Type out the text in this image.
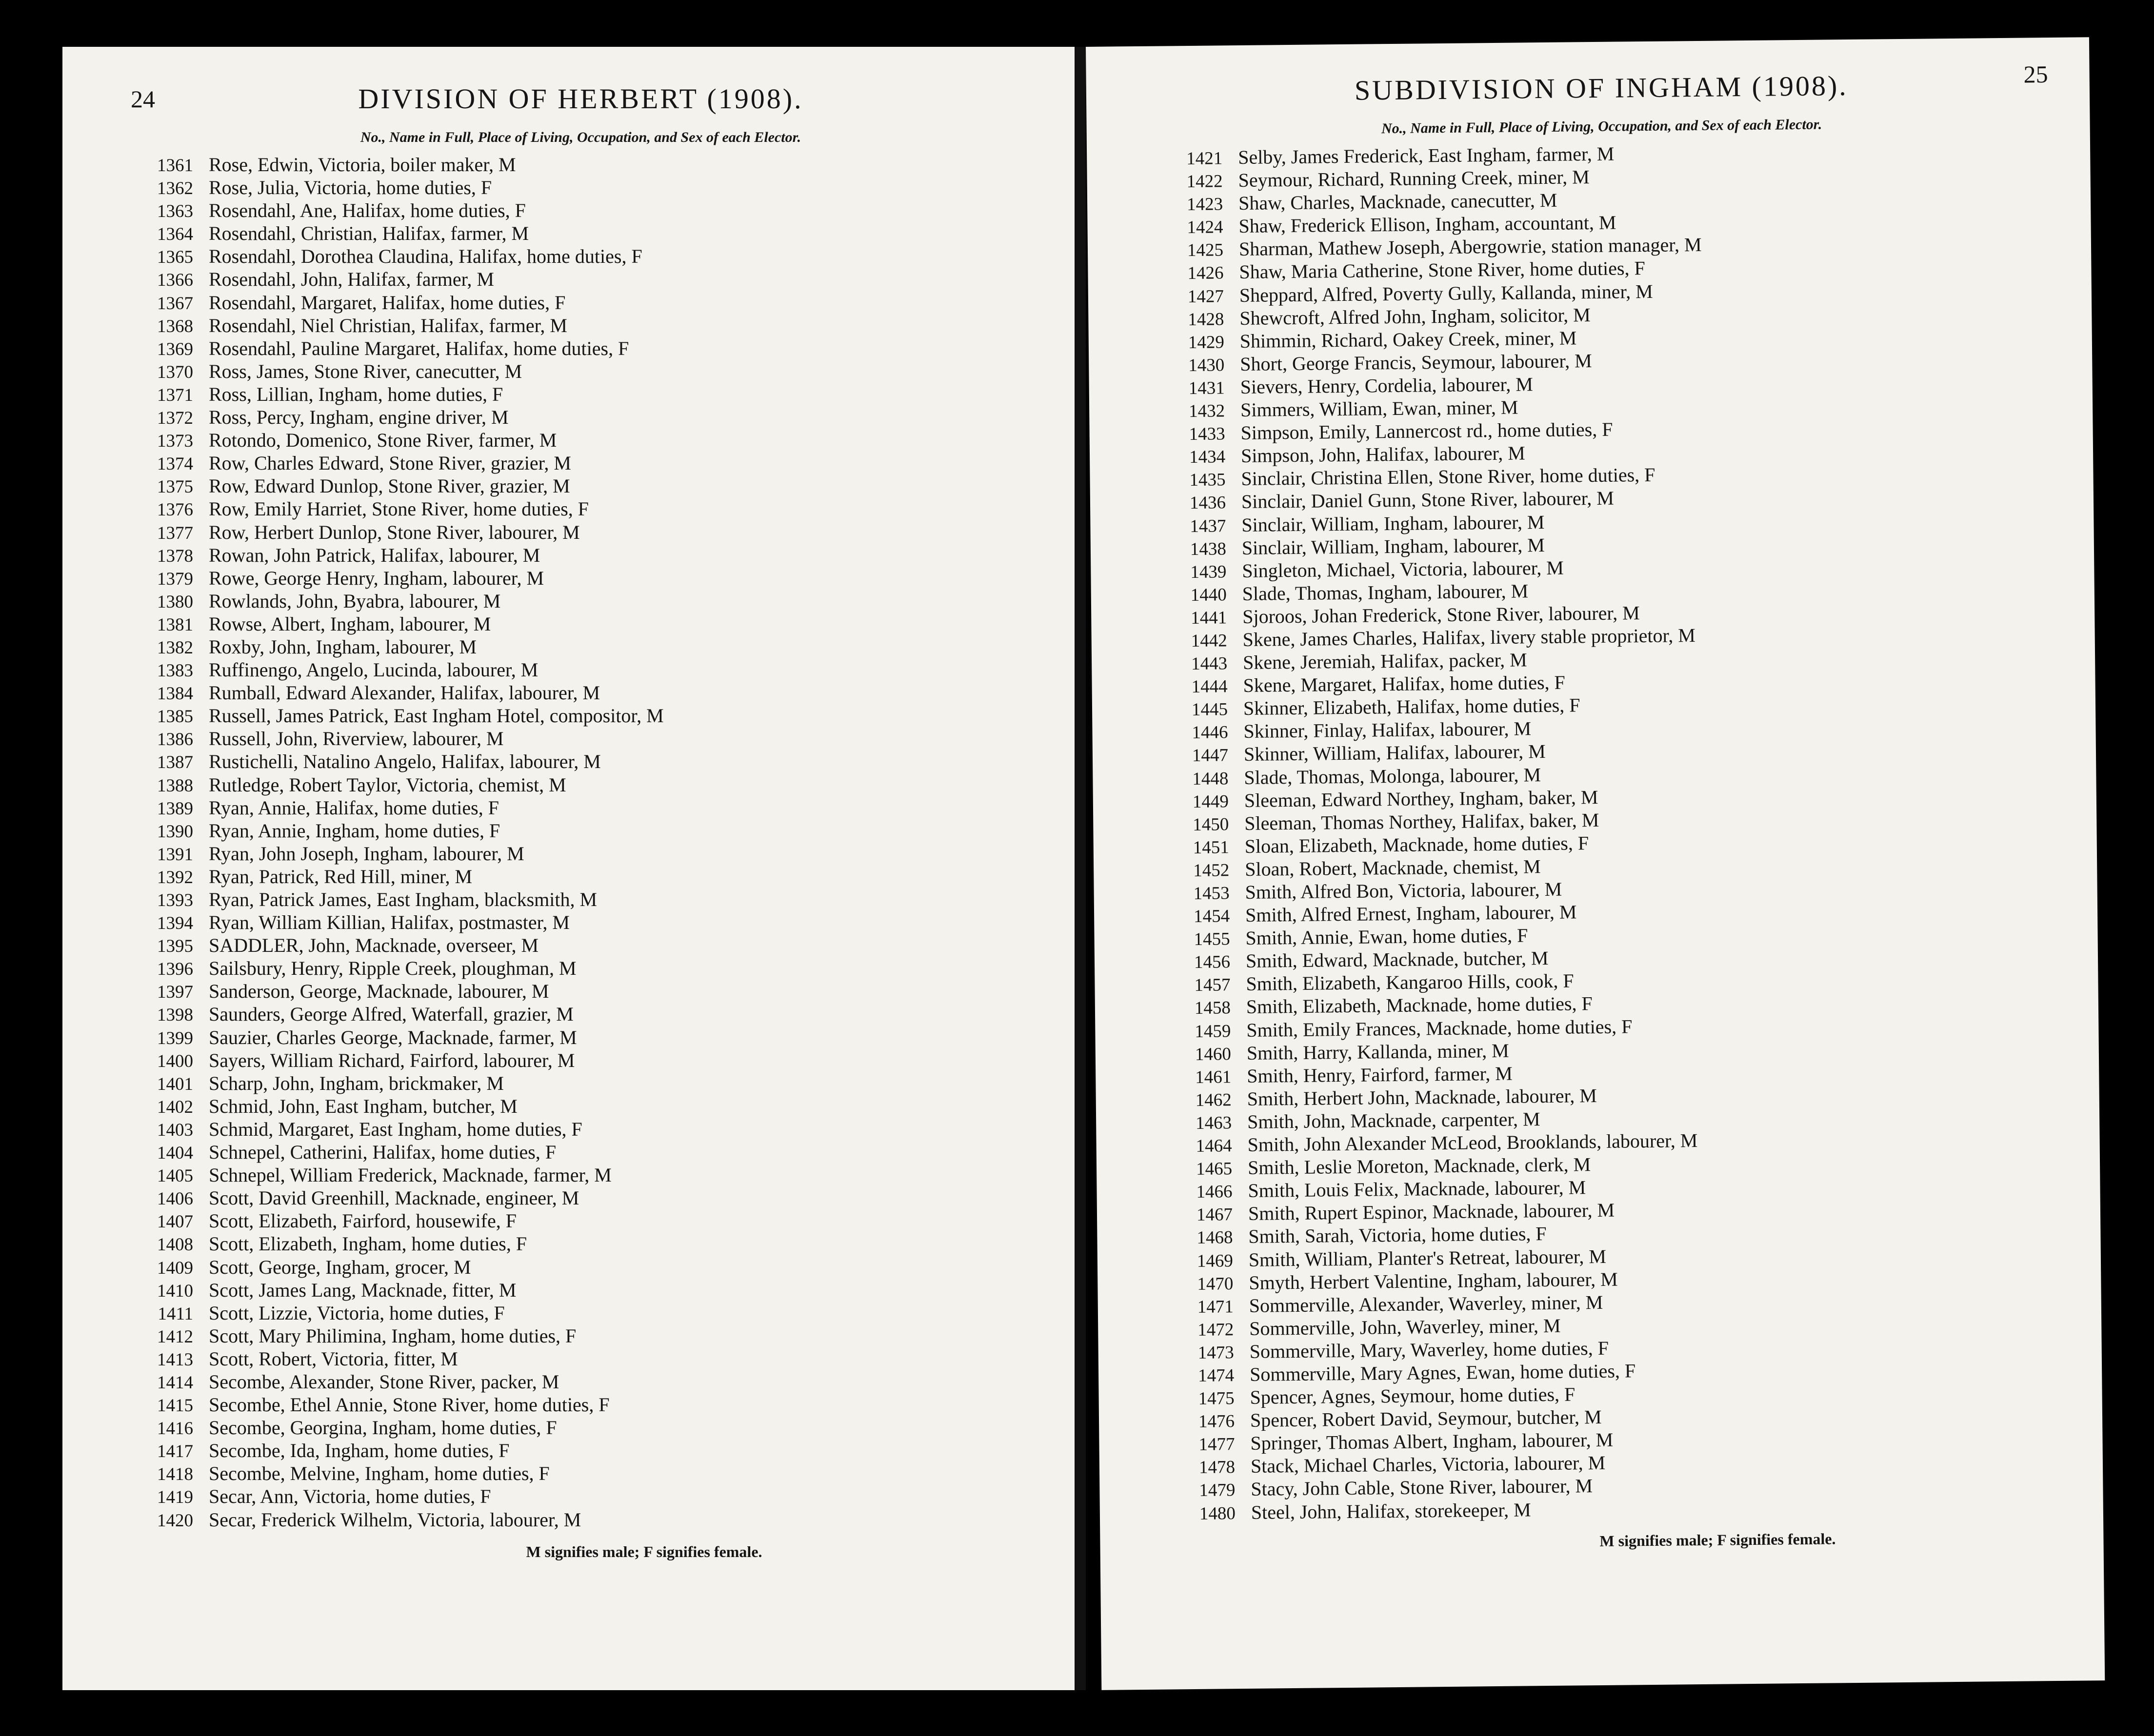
24	DIVISION OF HERBERT (1908).
No., Name in Full, Place of Living, Occupation, and Sex of each Elector.
1361 Rose, Edwin, Victoria, boiler maker, M
1362 Rose, Julia, Victoria, home duties, F
1363 Rosendahl, Ane, Halifax, home duties, F
1364 Rosendahl, Christian, Halifax, farmer, M
1365 Rosendahl, Dorothea Claudina, Halifax, home duties, F
1366 Rosendahl, John, Halifax, farmer, M
1367 Rosendahl, Margaret, Halifax, home duties, F
1368 Rosendahl, Niel Christian, Halifax, farmer, M
1369 Rosendahl, Pauline Margaret, Halifax, home duties, F
1370 Ross, James, Stone River, canecutter, M
1371 Ross, Lillian, Ingham, home duties, F
1372 Ross, Percy, Ingham, engine driver, M
1373 Rotondo, Domenico, Stone River, farmer, M
1374 Row, Charles Edward, Stone River, grazier, M
1375 Row, Edward Dunlop, Stone River, grazier, M
1376 Row, Emily Harriet, Stone River, home duties, F
1377 Row, Herbert Dunlop, Stone River, labourer, M
1378 Rowan, John Patrick, Halifax, labourer, M
1379 Rowe, George Henry, Ingham, labourer, M
1380 Rowlands, John, Byabra, labourer, M
1381 Rowse, Albert, Ingham, labourer, M
1382 Roxby, John, Ingham, labourer, M
1383 Ruffinengo, Angelo, Lucinda, labourer, M
1384 Rumball, Edward Alexander, Halifax, labourer, M
1385 Russell, James Patrick, East Ingham Hotel, compositor, M
1386 Russell, John, Riverview, labourer, M
1387 Rustichelli, Natalino Angelo, Halifax, labourer, M
1388 Rutledge, Robert Taylor, Victoria, chemist, M
1389 Ryan, Annie, Halifax, home duties, F
1390 Ryan, Annie, Ingham, home duties, F
1391 Ryan, John Joseph, Ingham, labourer, M
1392 Ryan, Patrick, Red Hill, miner, M
1393 Ryan, Patrick James, East Ingham, blacksmith, M
1394 Ryan, William Killian, Halifax, postmaster, M
1395 SADDLER, John, Macknade, overseer, M
1396 Sailsbury, Henry, Ripple Creek, ploughman, M
1397 Sanderson, George, Macknade, labourer, M
1398 Saunders, George Alfred, Waterfall, grazier, M
1399 Sauzier, Charles George, Macknade, farmer, M
1400 Sayers, William Richard, Fairford, labourer, M
1401 Scharp, John, Ingham, brickmaker, M
1402 Schmid, John, East Ingham, butcher, M
1403 Schmid, Margaret, East Ingham, home duties, F
1404 Schnepel, Catherini, Halifax, home duties, F
1405 Schnepel, William Frederick, Macknade, farmer, M
1406 Scott, David Greenhill, Macknade, engineer, M
1407 Scott, Elizabeth, Fairford, housewife, F
1408 Scott, Elizabeth, Ingham, home duties, F
1409 Scott, George, Ingham, grocer, M
1410 Scott, James Lang, Macknade, fitter, M
1411 Scott, Lizzie, Victoria, home duties, F
1412 Scott, Mary Philimina, Ingham, home duties, F
1413 Scott, Robert, Victoria, fitter, M
1414 Secombe, Alexander, Stone River, packer, M
1415 Secombe, Ethel Annie, Stone River, home duties, F
1416 Secombe, Georgina, Ingham, home duties, F
1417 Secombe, Ida, Ingham, home duties, F
1418 Secombe, Melvine, Ingham, home duties, F
1419 Secar, Ann, Victoria, home duties, F
1420 Secar, Frederick Wilhelm, Victoria, labourer, M
M signifies male; F signifies female.
SUBDIVISION OF INGHAM (1908).	25
No., Name in Full, Place of Living, Occupation, and Sex of each Elector.
1421 Selby, James Frederick, East Ingham, farmer, M
1422 Seymour, Richard, Running Creek, miner, M
1423 Shaw, Charles, Macknade, canecutter, M
1424 Shaw, Frederick Ellison, Ingham, accountant, M
1425 Sharman, Mathew Joseph, Abergowrie, station manager, M
1426 Shaw, Maria Catherine, Stone River, home duties, F
1427 Sheppard, Alfred, Poverty Gully, Kallanda, miner, M
1428 Shewcroft, Alfred John, Ingham, solicitor, M
1429 Shimmin, Richard, Oakey Creek, miner, M
1430 Short, George Francis, Seymour, labourer, M
1431 Sievers, Henry, Cordelia, labourer, M
1432 Simmers, William, Ewan, miner, M
1433 Simpson, Emily, Lannercost rd., home duties, F
1434 Simpson, John, Halifax, labourer, M
1435 Sinclair, Christina Ellen, Stone River, home duties, F
1436 Sinclair, Daniel Gunn, Stone River, labourer, M
1437 Sinclair, William, Ingham, labourer, M
1438 Sinclair, William, Ingham, labourer, M
1439 Singleton, Michael, Victoria, labourer, M
1440 Slade, Thomas, Ingham, labourer, M
1441 Sjoroos, Johan Frederick, Stone River, labourer, M
1442 Skene, James Charles, Halifax, livery stable proprietor, M
1443 Skene, Jeremiah, Halifax, packer, M
1444 Skene, Margaret, Halifax, home duties, F
1445 Skinner, Elizabeth, Halifax, home duties, F
1446 Skinner, Finlay, Halifax, labourer, M
1447 Skinner, William, Halifax, labourer, M
1448 Slade, Thomas, Molonga, labourer, M
1449 Sleeman, Edward Northey, Ingham, baker, M
1450 Sleeman, Thomas Northey, Halifax, baker, M
1451 Sloan, Elizabeth, Macknade, home duties, F
1452 Sloan, Robert, Macknade, chemist, M
1453 Smith, Alfred Bon, Victoria, labourer, M
1454 Smith, Alfred Ernest, Ingham, labourer, M
1455 Smith, Annie, Ewan, home duties, F
1456 Smith, Edward, Macknade, butcher, M
1457 Smith, Elizabeth, Kangaroo Hills, cook, F
1458 Smith, Elizabeth, Macknade, home duties, F
1459 Smith, Emily Frances, Macknade, home duties, F
1460 Smith, Harry, Kallanda, miner, M
1461 Smith, Henry, Fairford, farmer, M
1462 Smith, Herbert John, Macknade, labourer, M
1463 Smith, John, Macknade, carpenter, M
1464 Smith, John Alexander McLeod, Brooklands, labourer, M
1465 Smith, Leslie Moreton, Macknade, clerk, M
1466 Smith, Louis Felix, Macknade, labourer, M
1467 Smith, Rupert Espinor, Macknade, labourer, M
1468 Smith, Sarah, Victoria, home duties, F
1469 Smith, William, Planter's Retreat, labourer, M
1470 Smyth, Herbert Valentine, Ingham, labourer, M
1471 Sommerville, Alexander, Waverley, miner, M
1472 Sommerville, John, Waverley, miner, M
1473 Sommerville, Mary, Waverley, home duties, F
1474 Sommerville, Mary Agnes, Ewan, home duties, F
1475 Spencer, Agnes, Seymour, home duties, F
1476 Spencer, Robert David, Seymour, butcher, M
1477 Springer, Thomas Albert, Ingham, labourer, M
1478 Stack, Michael Charles, Victoria, labourer, M
1479 Stacy, John Cable, Stone River, labourer, M
1480 Steel, John, Halifax, storekeeper, M
M signifies male; F signifies female.
